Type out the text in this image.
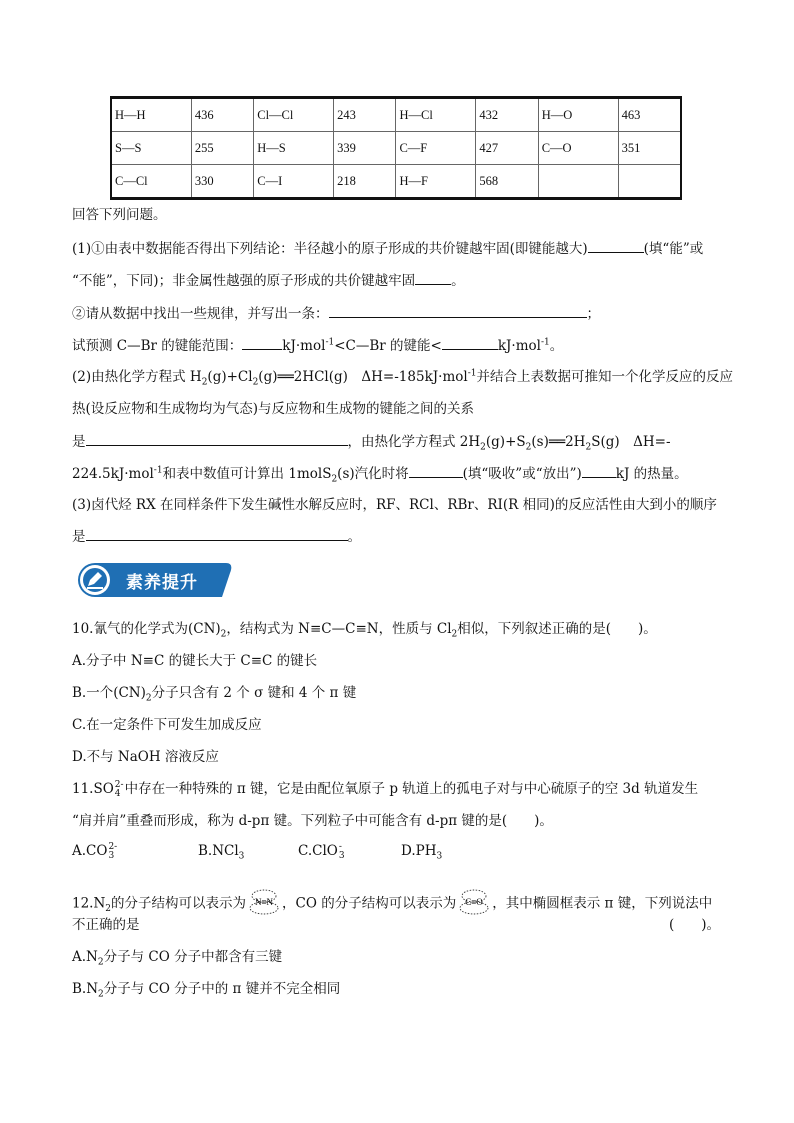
H—H	436	Cl—Cl	243	H—Cl	432	H—O	463
S—S	255	H—S	339	C—F	427	C—O	351
C—Cl	330	C—I	218	H—F	568		
回答下列问题。
(1)①由表中数据能否得出下列结论：半径越小的原子形成的共价键越牢固(即键能越大)	(填“能”或
“不能”，下同)；非金属性越强的原子形成的共价键越牢固	。
②请从数据中找出一些规律，并写出一条：	；
试预测 C—Br 的键能范围：	kJ·mol$^{-1}$<C—Br 的键能<	kJ·mol$^{-1}$。
(2)由热化学方程式 $H_2(g)+Cl_2(g)══2HCl(g)$　ΔH=-185kJ·mol$^{-1}$并结合上表数据可推知一个化学反应的反应
热(设反应物和生成物均为气态)与反应物和生成物的键能之间的关系
是	，由热化学方程式 $2H_2(g)+S_2(s)══2H_2S(g)$　ΔH=-
224.5kJ·mol$^{-1}$和表中数值可计算出 1molS$_2$(s)汽化时将	(填“吸收”或“放出”)	kJ 的热量。
(3)卤代烃 RX 在同样条件下发生碱性水解反应时，RF、RCl、RBr、RI(R 相同)的反应活性由大到小的顺序
是	。
素养提升
10.氰气的化学式为$(CN)_2$，结构式为 N≡C—C≡N，性质与 $Cl_2$相似，下列叙述正确的是(　　)。
A.分子中 N≡C 的键长大于 C≡C 的键长
B.一个$(CN)_2$分子只含有 2 个 σ 键和 4 个 π 键
C.在一定条件下可发生加成反应
D.不与 NaOH 溶液反应
11.SO 2-
4 中存在一种特殊的 π 键，它是由配位氧原子 p 轨道上的孤电子对与中心硫原子的空 3d 轨道发生
“肩并肩”重叠而形成，称为 d-pπ 键。下列粒子中可能含有 d-pπ 键的是(　　)。
A.CO 2-
3	B.NCl$_3$	C.ClO -
3	$D.PH_3$
$12.N_2$的分子结构可以表示为 N≡N ，CO 的分子结构可以表示为 C≡O ，其中椭圆框表示 π 键，下列说法中
不正确的是	(　　)。
$A.N_2$分子与 CO 分子中都含有三键
$B.N_2$分子与 CO 分子中的 π 键并不完全相同
